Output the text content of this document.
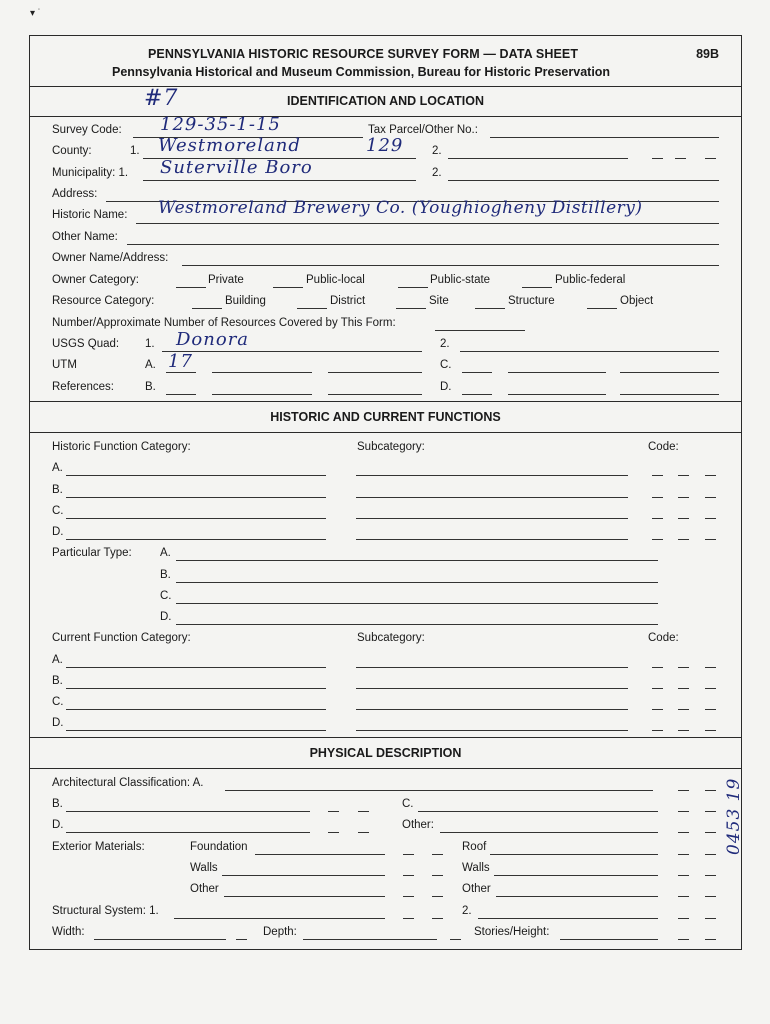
▾ ˙
PENNSYLVANIA HISTORIC RESOURCE SURVEY FORM — DATA SHEET	89B
Pennsylvania Historical and Museum Commission, Bureau for Historic Preservation
IDENTIFICATION AND LOCATION
#7
Survey Code: 129-35-1-15	Tax Parcel/Other No.:
County:	1. Westmoreland	129 2.
Municipality: 1. Suterville Boro	2.
Address:
Historic Name: Westmoreland Brewery Co. (Youghiogheny Distillery)
Other Name:
Owner Name/Address:
Owner Category:	Private	Public-local	Public-state	Public-federal
Resource Category:	Building	District	Site	Structure	Object
Number/Approximate Number of Resources Covered by This Form:
USGS Quad: 1. Donora	2.
UTM	A. 17	C.
References:	B.	D.
HISTORIC AND CURRENT FUNCTIONS
Historic Function Category:	Subcategory:	Code:
A.
B.
C.
D.
Particular Type: A.
B.
C.
D.
Current Function Category:	Subcategory:	Code:
A.
B.
C.
D.
PHYSICAL DESCRIPTION
Architectural Classification: A.
B.	C.
D.	Other:
Exterior Materials:	Foundation	Roof
Walls	Walls
Other	Other
Structural System: 1.	2.
Width:	Depth:	Stories/Height:
0453 19
